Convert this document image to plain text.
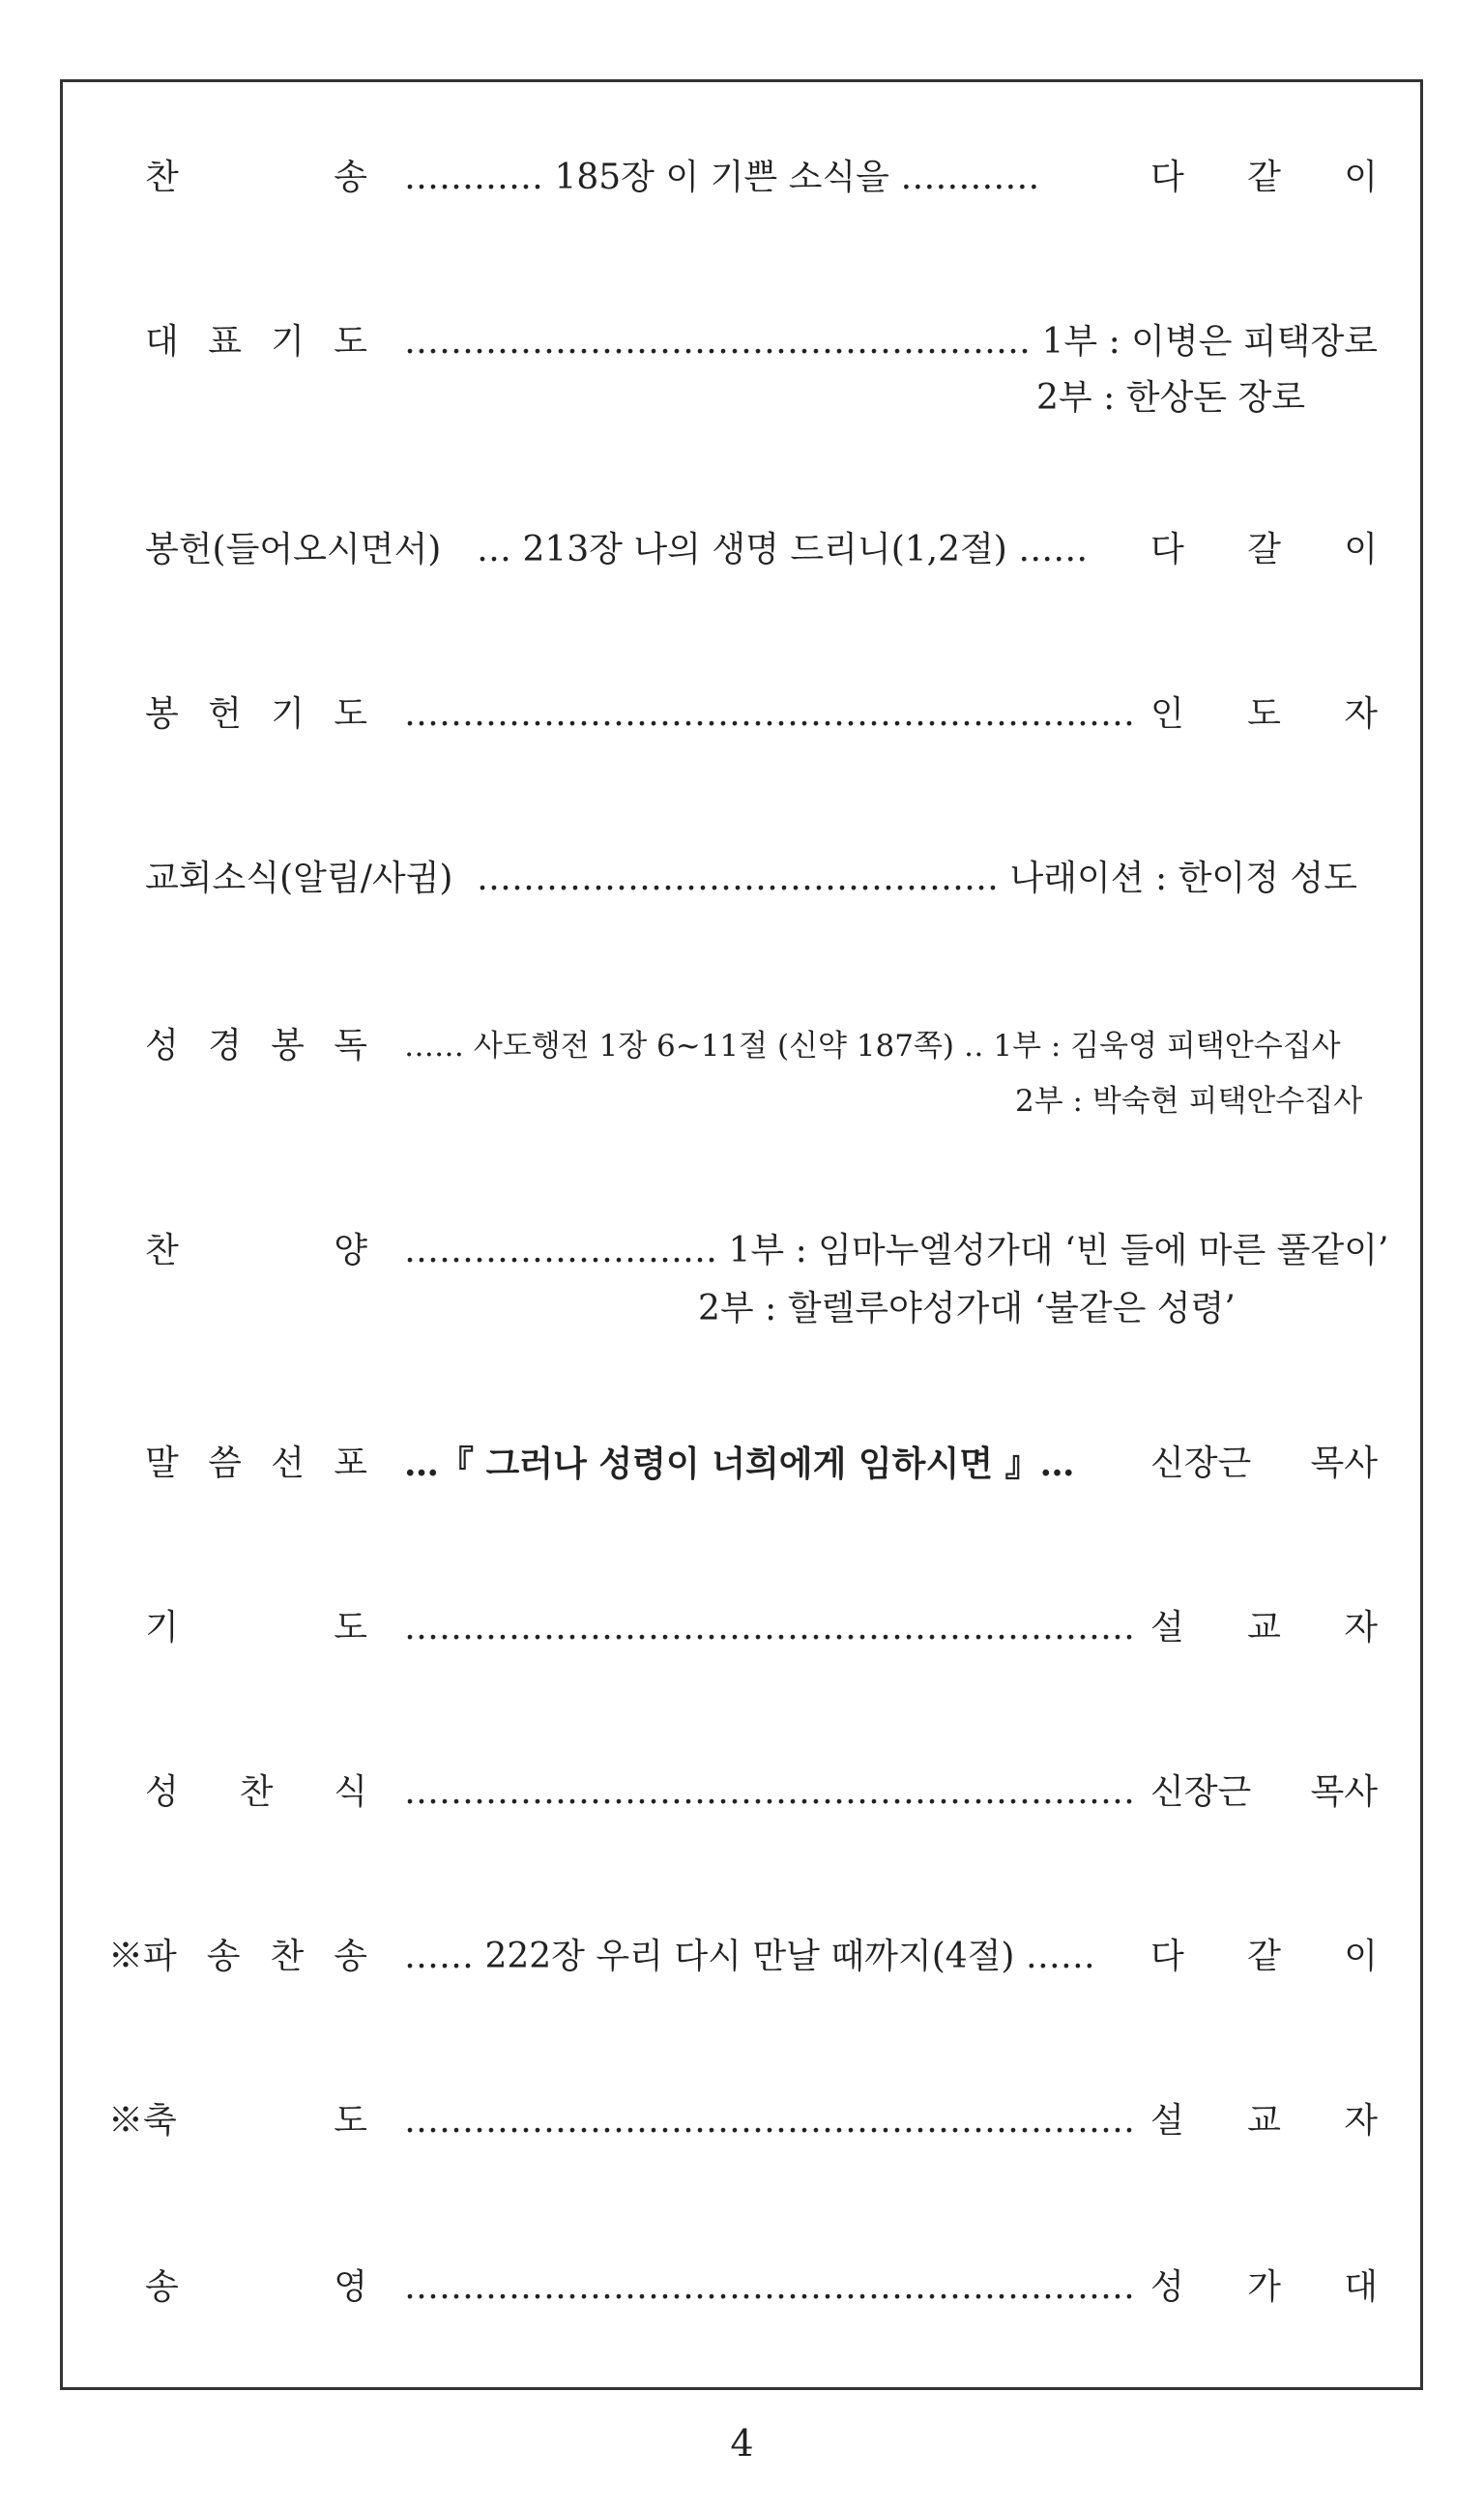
찬	송 ………… 185장 이 기쁜 소식을 …………	다 같 이
대 표 기 도 ……………………………………………… 1부 : 이병은 피택장로
2부 : 한상돈 장로
봉헌(들어오시면서) … 213장 나의 생명 드리니(1,2절) …… 다 갈 이
봉 헌 기 도 ……………………………………………………… 인 도 자
교회소식(알림/사귐) ……………………………………… 나래이션 : 한이정 성도
성 경 봉 독 …… 사도행전 1장 6~11절 (신약 187쪽) ‥ 1부 : 김욱영 피택안수집사
2부 : 박숙현 피택안수집사
찬	양 ……………………… 1부 : 임마누엘성가대 ‘빈 들에 마른 풀같이’
2부 : 할렐루야성가대 ‘불같은 성령’
말 씀 선 포 …『 그러나 성령이 너희에게 임하시면 』… 신장근 목사
기	도 ……………………………………………………… 설 교 자
성 찬 식 ……………………………………………………… 신장근 목사
※파 송 찬 송 …… 222장 우리 다시 만날 때까지(4절) …… 다 같 이
※축	도 ……………………………………………………… 설 교 자
송	영 ……………………………………………………… 성 가 대
4
